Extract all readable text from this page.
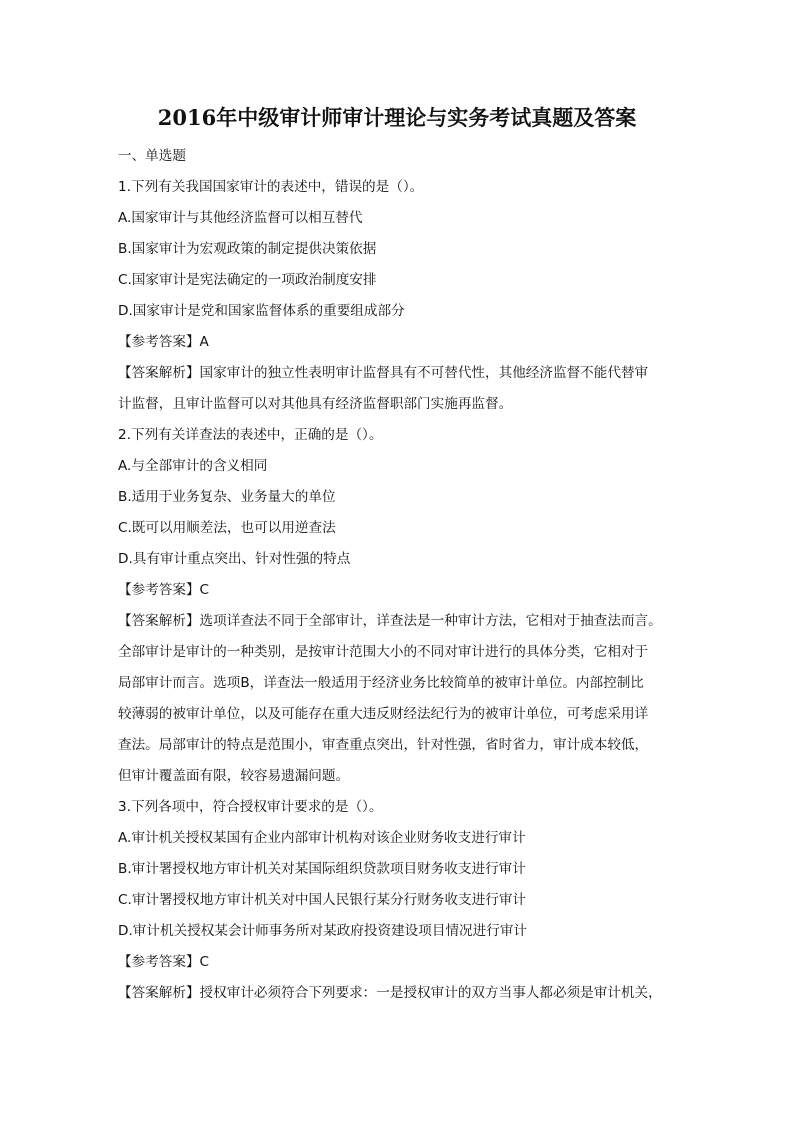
2016年中级审计师审计理论与实务考试真题及答案
一、单选题
1.下列有关我国国家审计的表述中，错误的是（）。
A.国家审计与其他经济监督可以相互替代
B.国家审计为宏观政策的制定提供决策依据
C.国家审计是宪法确定的一项政治制度安排
D.国家审计是党和国家监督体系的重要组成部分
【参考答案】A
【答案解析】国家审计的独立性表明审计监督具有不可替代性，其他经济监督不能代替审
计监督，且审计监督可以对其他具有经济监督职部门实施再监督。
2.下列有关详查法的表述中，正确的是（）。
A.与全部审计的含义相同
B.适用于业务复杂、业务量大的单位
C.既可以用顺差法，也可以用逆查法
D.具有审计重点突出、针对性强的特点
【参考答案】C
【答案解析】选项详查法不同于全部审计，详查法是一种审计方法，它相对于抽查法而言。
全部审计是审计的一种类别，是按审计范围大小的不同对审计进行的具体分类，它相对于
局部审计而言。选项B，详查法一般适用于经济业务比较简单的被审计单位。内部控制比
较薄弱的被审计单位，以及可能存在重大违反财经法纪行为的被审计单位，可考虑采用详
查法。局部审计的特点是范围小，审查重点突出，针对性强，省时省力，审计成本较低，
但审计覆盖面有限，较容易遗漏问题。
3.下列各项中，符合授权审计要求的是（）。
A.审计机关授权某国有企业内部审计机构对该企业财务收支进行审计
B.审计署授权地方审计机关对某国际组织贷款项目财务收支进行审计
C.审计署授权地方审计机关对中国人民银行某分行财务收支进行审计
D.审计机关授权某会计师事务所对某政府投资建设项目情况进行审计
【参考答案】C
【答案解析】授权审计必须符合下列要求：一是授权审计的双方当事人都必须是审计机关，
